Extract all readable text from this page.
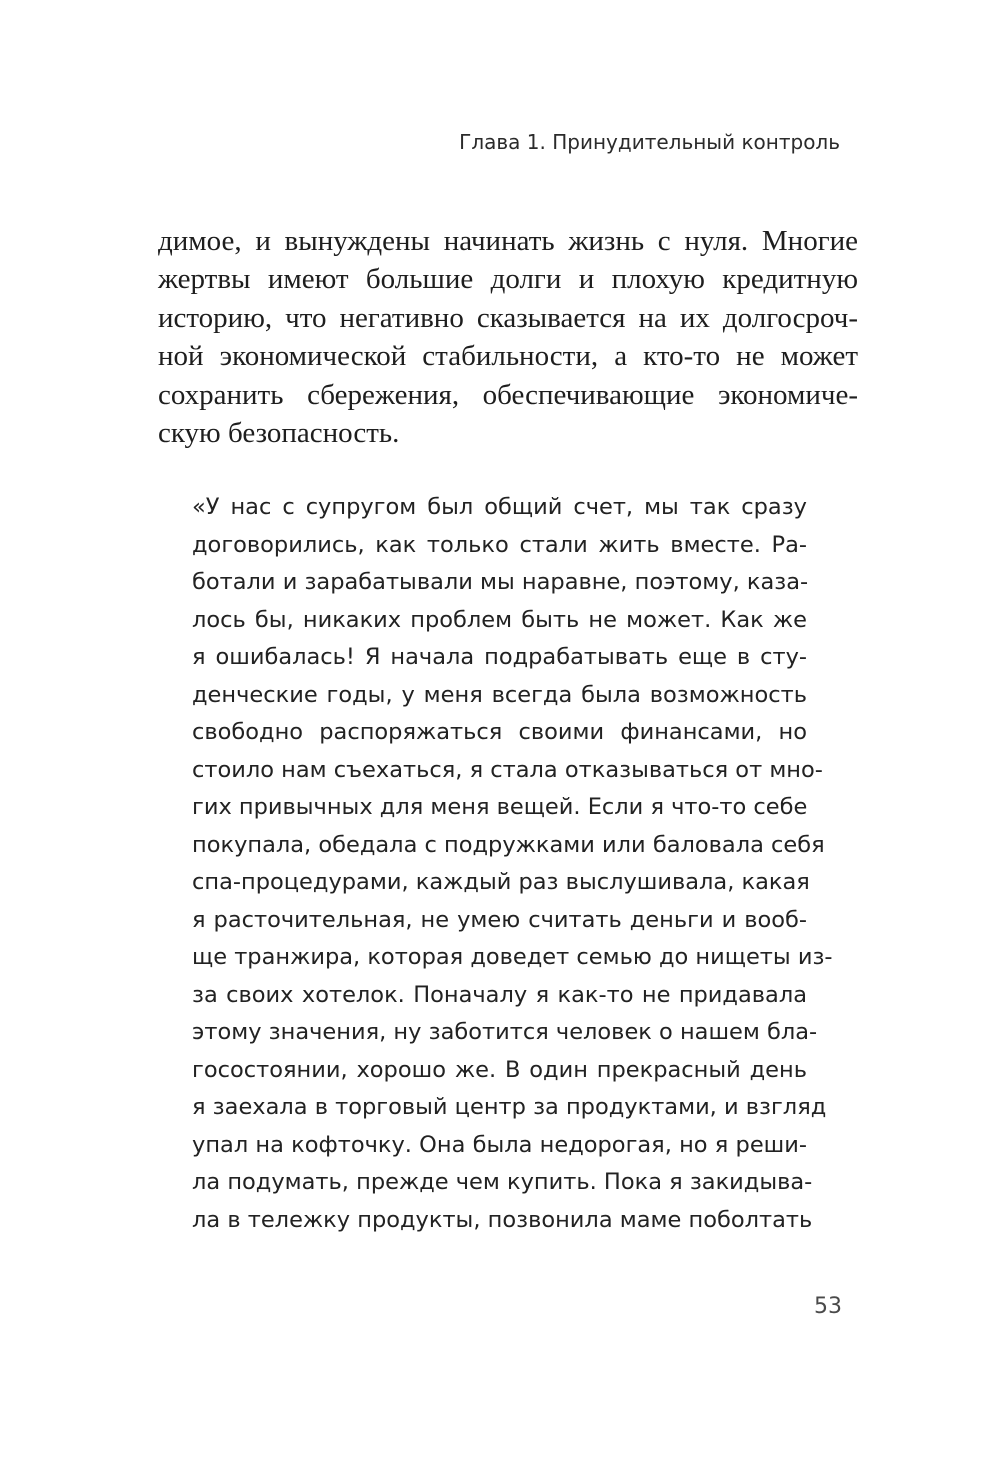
Глава 1. Принудительный контроль
димое, и вынуждены начинать жизнь с нуля. Многие
жертвы имеют большие долги и плохую кредитную
историю, что негативно сказывается на их долгосроч-
ной экономической стабильности, а кто-то не может
сохранить сбережения, обеспечивающие экономиче-
скую безопасность.
«У нас с супругом был общий счет, мы так сразу
договорились, как только стали жить вместе. Ра-
ботали и зарабатывали мы наравне, поэтому, каза-
лось бы, никаких проблем быть не может. Как же
я ошибалась! Я начала подрабатывать еще в сту-
денческие годы, у меня всегда была возможность
свободно распоряжаться своими финансами, но
стоило нам съехаться, я стала отказываться от мно-
гих привычных для меня вещей. Если я что-то себе
покупала, обедала с подружками или баловала себя
спа-процедурами, каждый раз выслушивала, какая
я расточительная, не умею считать деньги и вооб-
ще транжира, которая доведет семью до нищеты из-
за своих хотелок. Поначалу я как-то не придавала
этому значения, ну заботится человек о нашем бла-
госостоянии, хорошо же. В один прекрасный день
я заехала в торговый центр за продуктами, и взгляд
упал на кофточку. Она была недорогая, но я реши-
ла подумать, прежде чем купить. Пока я закидыва-
ла в тележку продукты, позвонила маме поболтать
53
